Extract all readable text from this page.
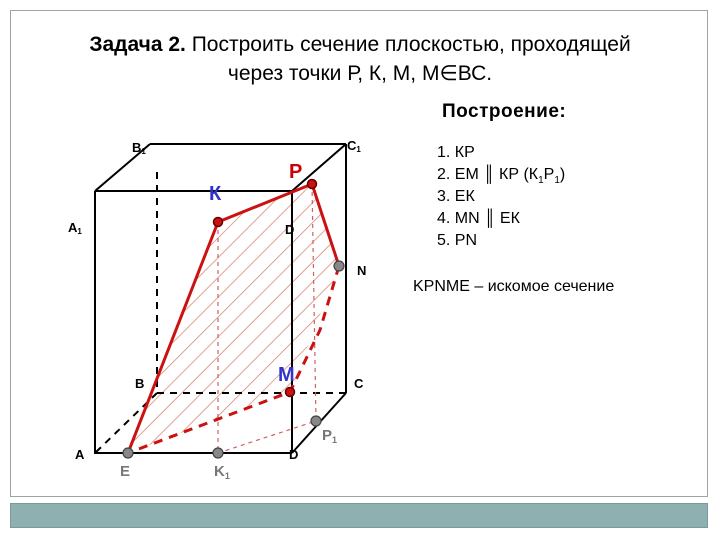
Задача 2. Построить сечение плоскостью, проходящей
через точки Р, К, М, М∈ВС.
Построение:
1. КР
2. ЕМ ║ КР $(К_1Р_1)$
3. ЕК
4. MN ║ ЕК
5. PN
KPNME – искомое сечение
B1	C1
A1	D
B	C
A	D
К
Р
М
N
E	$K_1$
$P_1$
